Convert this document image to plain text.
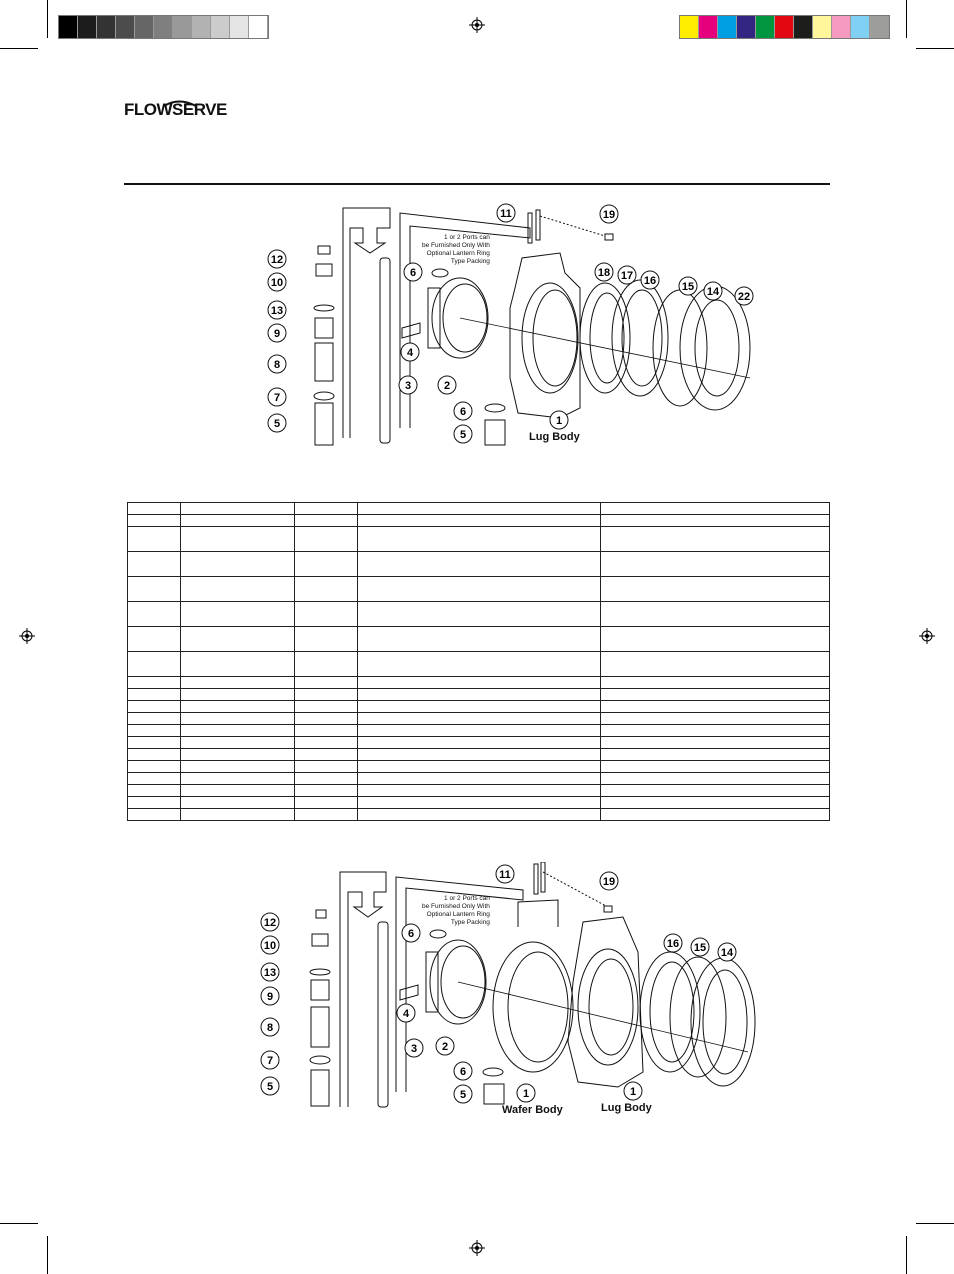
FLOWSERVE
12
10
13
9
8
7
5
6
4
2
3
6
5
1
11	19
18 17 16 15 14 22
1 or 2 Ports can
be Furnished Only With
Optional Lantern Ring
Type Packing
Lug Body

12
10
13
9
8
7
5
6
4
2
3
6
5	1	1
11
19
16 15 14
1 or 2 Ports can
be Furnished Only With
Optional Lantern Ring
Type Packing
Wafer Body	Lug Body
